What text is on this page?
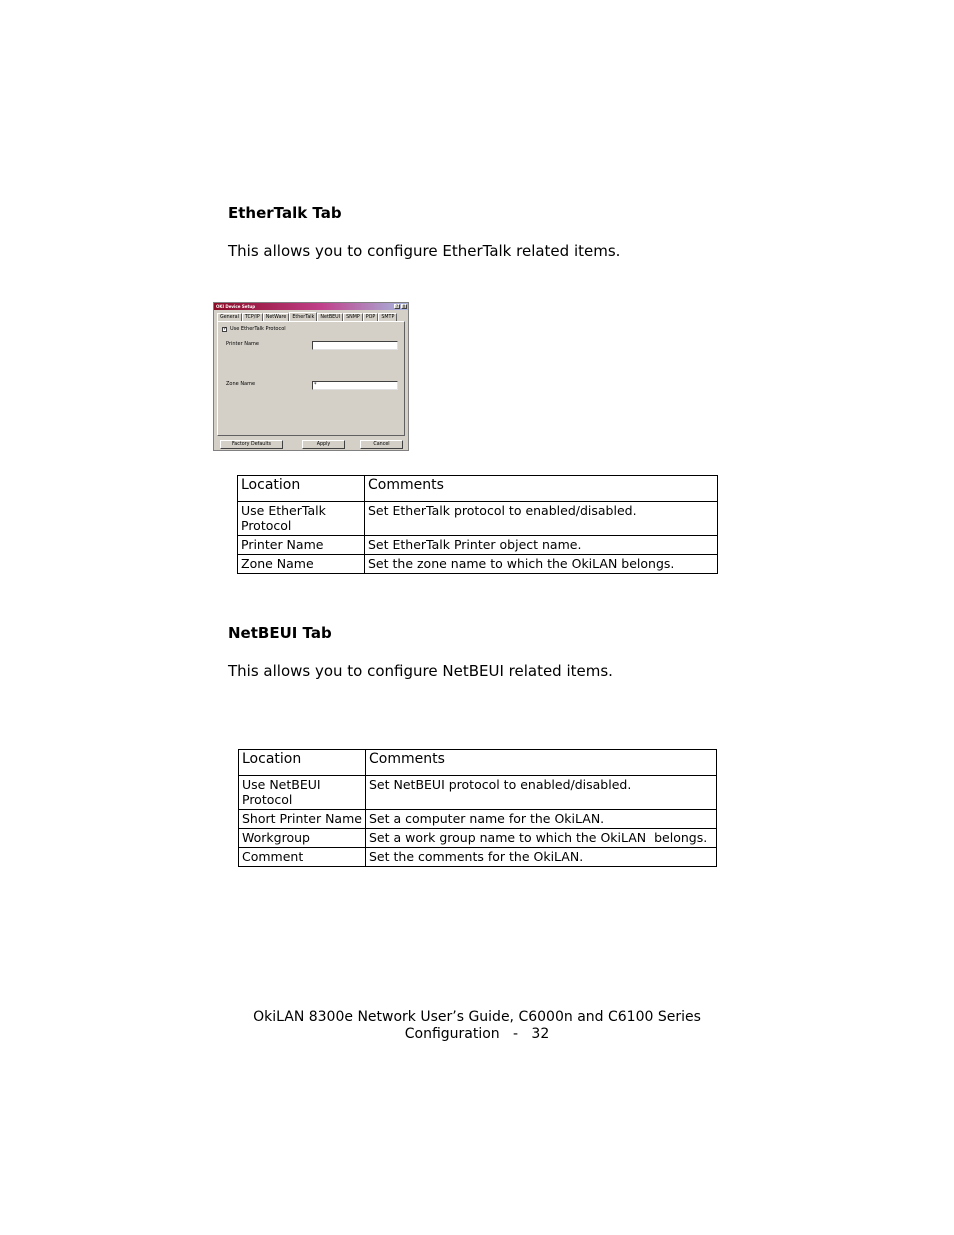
EtherTalk Tab

This allows you to configure EtherTalk related items.

OKI Device Setup	?	X
General	TCP/IP	NetWare	EtherTalk	NetBEUI	SNMP	POP	SMTP
✓ Use EtherTalk Protocol
Printer Name
Zone Name	*
Factory Defaults	Apply	Cancel
Location	Comments
Use EtherTalk Protocol	Set EtherTalk protocol to enabled/disabled.
Printer Name	Set EtherTalk Printer object name.
Zone Name	Set the zone name to which the OkiLAN belongs.
NetBEUI Tab

This allows you to configure NetBEUI related items.

Location	Comments
Use NetBEUI Protocol	Set NetBEUI protocol to enabled/disabled.
Short Printer Name	Set a computer name for the OkiLAN.
Workgroup	Set a work group name to which the OkiLAN  belongs.
Comment	Set the comments for the OkiLAN.

OkiLAN 8300e Network User’s Guide, C6000n and C6100 Series

Configuration   -   32
